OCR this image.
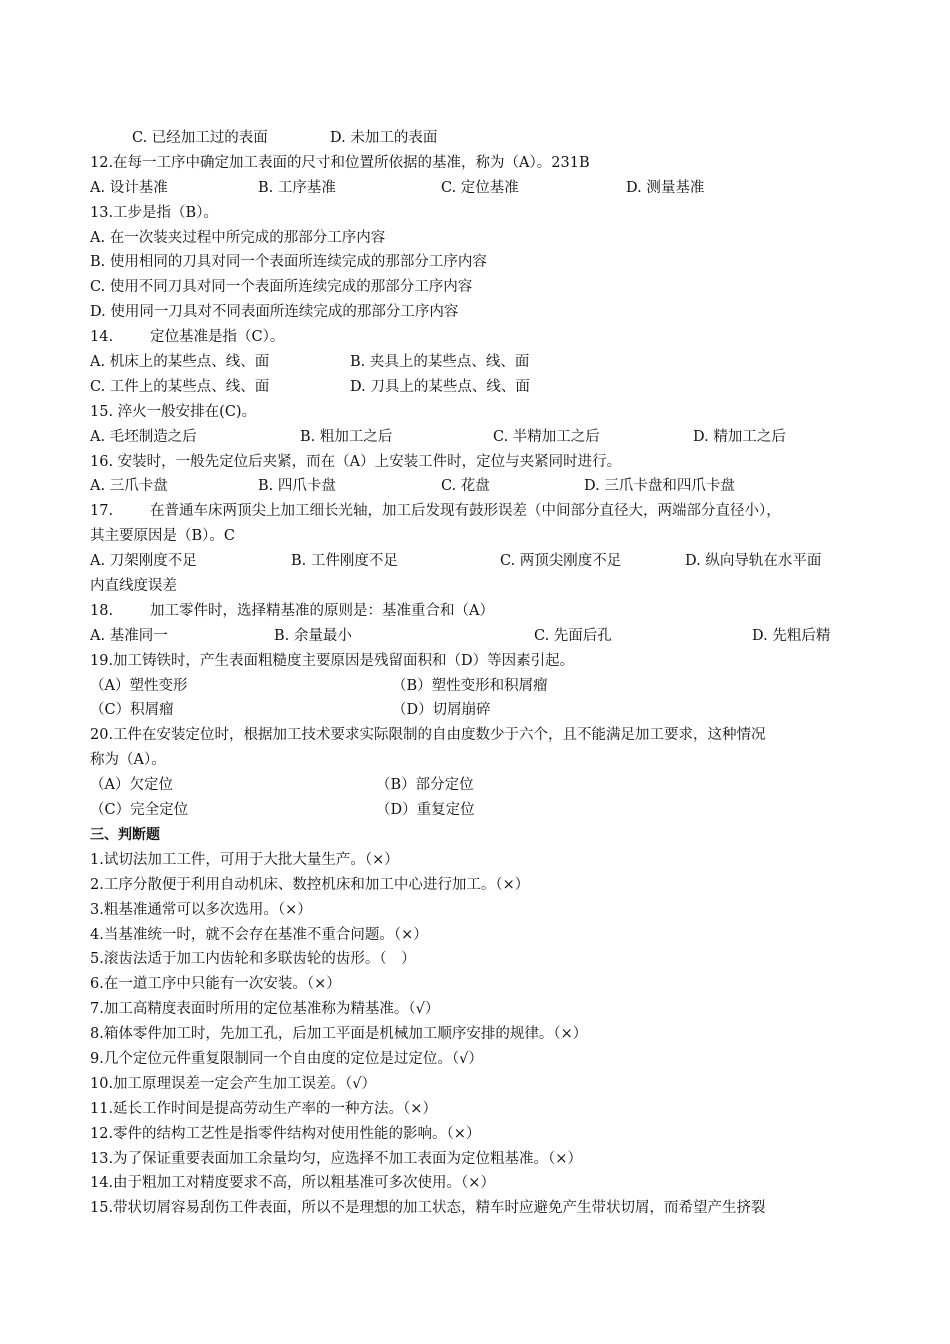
C. 已经加工过的表面	D. 未加工的表面
12.在每一工序中确定加工表面的尺寸和位置所依据的基准，称为（A）。231B
A. 设计基准	B. 工序基准	C. 定位基准	D. 测量基准
13.工步是指（B）。
A. 在一次装夹过程中所完成的那部分工序内容
B. 使用相同的刀具对同一个表面所连续完成的那部分工序内容
C. 使用不同刀具对同一个表面所连续完成的那部分工序内容
D. 使用同一刀具对不同表面所连续完成的那部分工序内容
14.	定位基准是指（C）。
A. 机床上的某些点、线、面	B. 夹具上的某些点、线、面
C. 工件上的某些点、线、面	D. 刀具上的某些点、线、面
15. 淬火一般安排在(C)。
A. 毛坯制造之后	B. 粗加工之后	C. 半精加工之后	D. 精加工之后
16. 安装时，一般先定位后夹紧，而在（A）上安装工件时，定位与夹紧同时进行。
A. 三爪卡盘	B. 四爪卡盘	C. 花盘	D. 三爪卡盘和四爪卡盘
17.	在普通车床两顶尖上加工细长光轴，加工后发现有鼓形误差（中间部分直径大，两端部分直径小），
其主要原因是（B）。C
A. 刀架刚度不足	B. 工件刚度不足	C. 两顶尖刚度不足	D. 纵向导轨在水平面
内直线度误差
18.	加工零件时，选择精基准的原则是：基准重合和（A）
A. 基准同一	B. 余量最小	C. 先面后孔	D. 先粗后精
19.加工铸铁时，产生表面粗糙度主要原因是残留面积和（D）等因素引起。
（A）塑性变形	（B）塑性变形和积屑瘤
（C）积屑瘤	（D）切屑崩碎
20.工件在安装定位时，根据加工技术要求实际限制的自由度数少于六个，且不能满足加工要求，这种情况
称为（A）。
（A）欠定位	（B）部分定位
（C）完全定位	（D）重复定位
三、判断题
1.试切法加工工件，可用于大批大量生产。（×）
2.工序分散便于利用自动机床、数控机床和加工中心进行加工。（×）
3.粗基准通常可以多次选用。（×）
4.当基准统一时，就不会存在基准不重合问题。（×）
5.滚齿法适于加工内齿轮和多联齿轮的齿形。（　）
6.在一道工序中只能有一次安装。（×）
7.加工高精度表面时所用的定位基准称为精基准。（√）
8.箱体零件加工时，先加工孔，后加工平面是机械加工顺序安排的规律。（×）
9.几个定位元件重复限制同一个自由度的定位是过定位。（√）
10.加工原理误差一定会产生加工误差。（√）
11.延长工作时间是提高劳动生产率的一种方法。（×）
12.零件的结构工艺性是指零件结构对使用性能的影响。（×）
13.为了保证重要表面加工余量均匀，应选择不加工表面为定位粗基准。（×）
14.由于粗加工对精度要求不高，所以粗基准可多次使用。（×）
15.带状切屑容易刮伤工件表面，所以不是理想的加工状态，精车时应避免产生带状切屑，而希望产生挤裂
